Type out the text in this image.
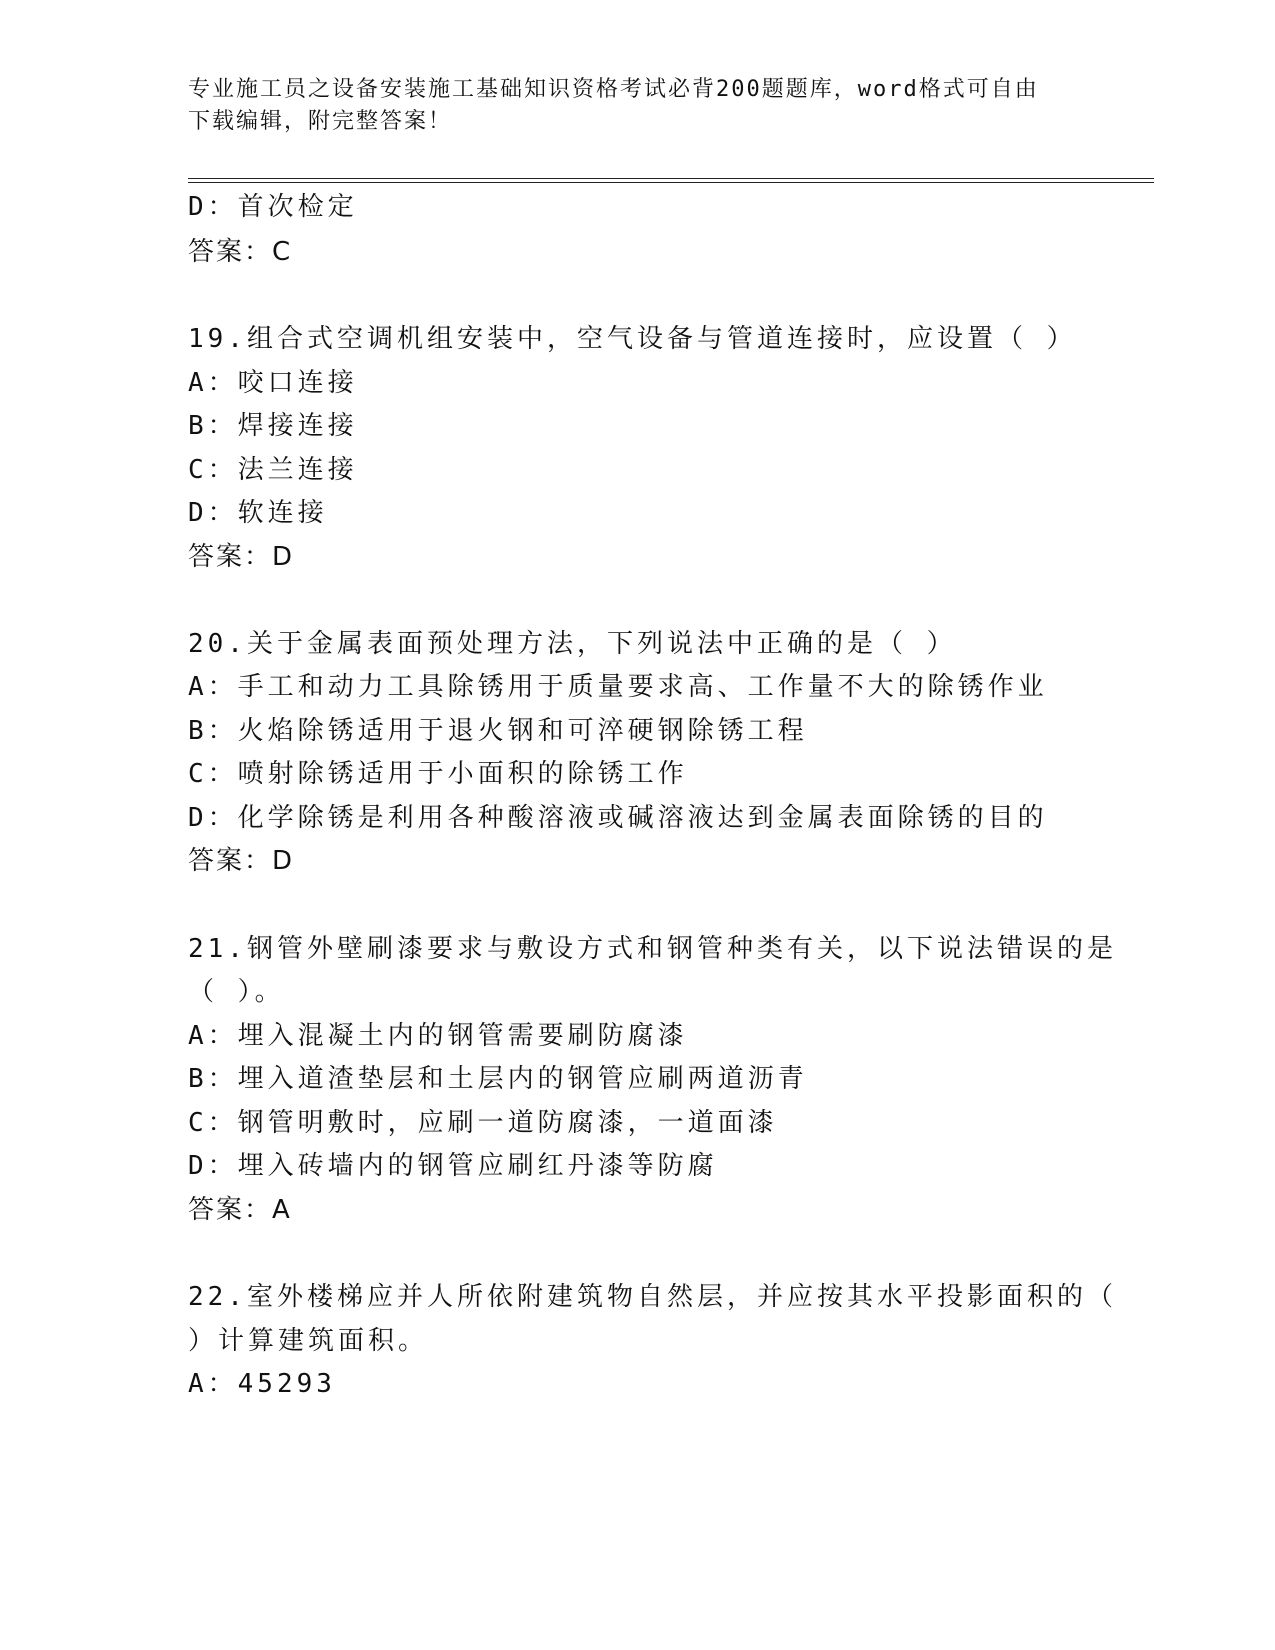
专业施工员之设备安装施工基础知识资格考试必背200题题库，word格式可自由
下载编辑，附完整答案！
D：首次检定
答案：C
19.组合式空调机组安装中，空气设备与管道连接时，应设置（ ）
A：咬口连接
B：焊接连接
C：法兰连接
D：软连接
答案：D
20.关于金属表面预处理方法，下列说法中正确的是（ ）
A：手工和动力工具除锈用于质量要求高、工作量不大的除锈作业
B：火焰除锈适用于退火钢和可淬硬钢除锈工程
C：喷射除锈适用于小面积的除锈工作
D：化学除锈是利用各种酸溶液或碱溶液达到金属表面除锈的目的
答案：D
21.钢管外壁刷漆要求与敷设方式和钢管种类有关，以下说法错误的是
（ ）。
A：埋入混凝土内的钢管需要刷防腐漆
B：埋入道渣垫层和土层内的钢管应刷两道沥青
C：钢管明敷时，应刷一道防腐漆，一道面漆
D：埋入砖墙内的钢管应刷红丹漆等防腐
答案：A
22.室外楼梯应并人所依附建筑物自然层，并应按其水平投影面积的（
）计算建筑面积。
A：45293
